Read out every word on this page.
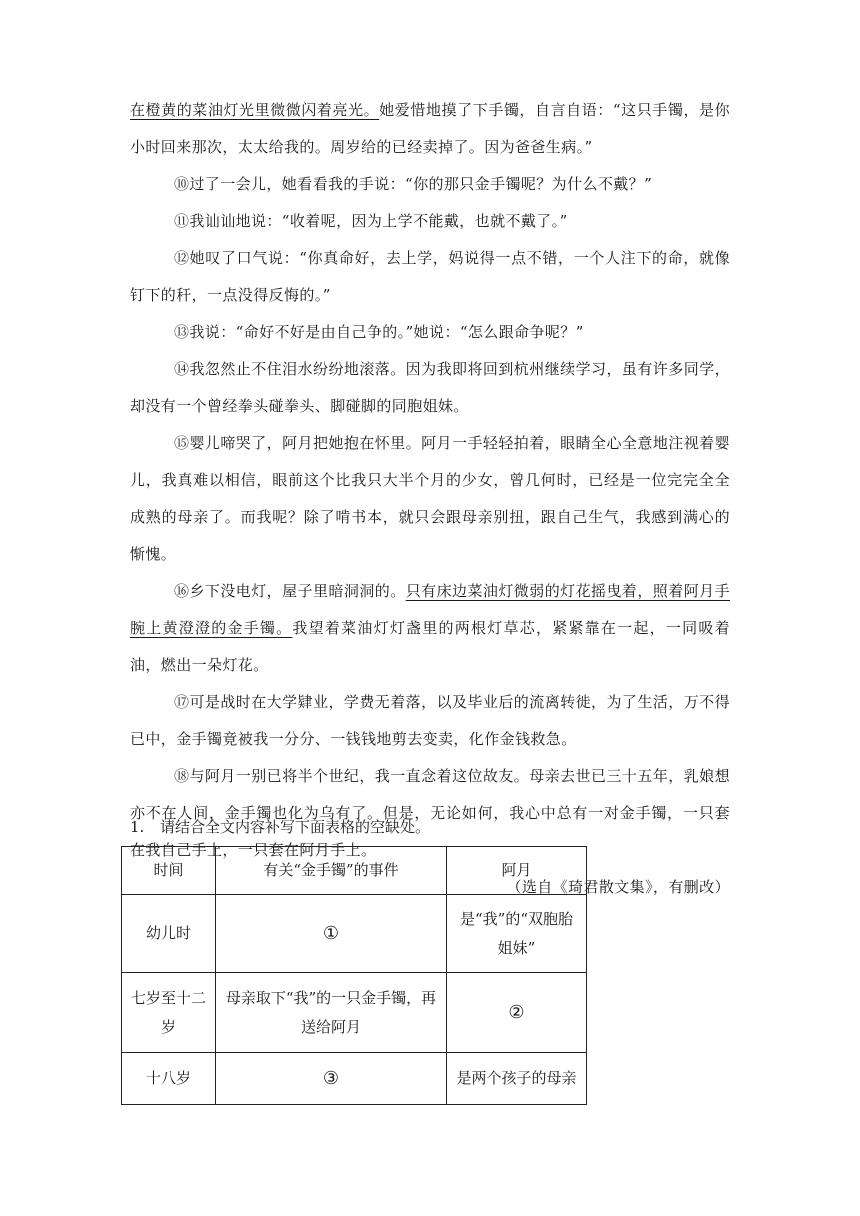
在橙黄的菜油灯光里微微闪着亮光。她爱惜地摸了下手镯，自言自语：“这只手镯，是你小时回来那次，太太给我的。周岁给的已经卖掉了。因为爸爸生病。”

⑩过了一会儿，她看看我的手说：“你的那只金手镯呢？为什么不戴？”

⑪我讪讪地说：“收着呢，因为上学不能戴，也就不戴了。”

⑫她叹了口气说：“你真命好，去上学，妈说得一点不错，一个人注下的命，就像钉下的秆，一点没得反悔的。”

⑬我说：“命好不好是由自己争的。”她说：“怎么跟命争呢？”

⑭我忽然止不住泪水纷纷地滚落。因为我即将回到杭州继续学习，虽有许多同学，却没有一个曾经拳头碰拳头、脚碰脚的同胞姐妹。

⑮婴儿啼哭了，阿月把她抱在怀里。阿月一手轻轻拍着，眼睛全心全意地注视着婴儿，我真难以相信，眼前这个比我只大半个月的少女，曾几何时，已经是一位完完全全成熟的母亲了。而我呢？除了啃书本，就只会跟母亲别扭，跟自己生气，我感到满心的惭愧。

⑯乡下没电灯，屋子里暗洞洞的。只有床边菜油灯微弱的灯花摇曳着，照着阿月手腕上黄澄澄的金手镯。我望着菜油灯灯盏里的两根灯草芯，紧紧靠在一起，一同吸着油，燃出一朵灯花。

⑰可是战时在大学肄业，学费无着落，以及毕业后的流离转徙，为了生活，万不得已中，金手镯竟被我一分分、一钱钱地剪去变卖，化作金钱救急。

⑱与阿月一别已将半个世纪，我一直念着这位故友。母亲去世已三十五年，乳娘想亦不在人间，金手镯也化为乌有了。但是，无论如何，我心中总有一对金手镯，一只套在我自己手上，一只套在阿月手上。

（选自《琦君散文集》，有删改）

1. 请结合全文内容补写下面表格的空缺处。
时间	有关“金手镯”的事件	阿月
幼儿时	①	是“我”的“双胞胎姐妹”
七岁至十二岁	母亲取下“我”的一只金手镯，再送给阿月	②
十八岁	③	是两个孩子的母亲
